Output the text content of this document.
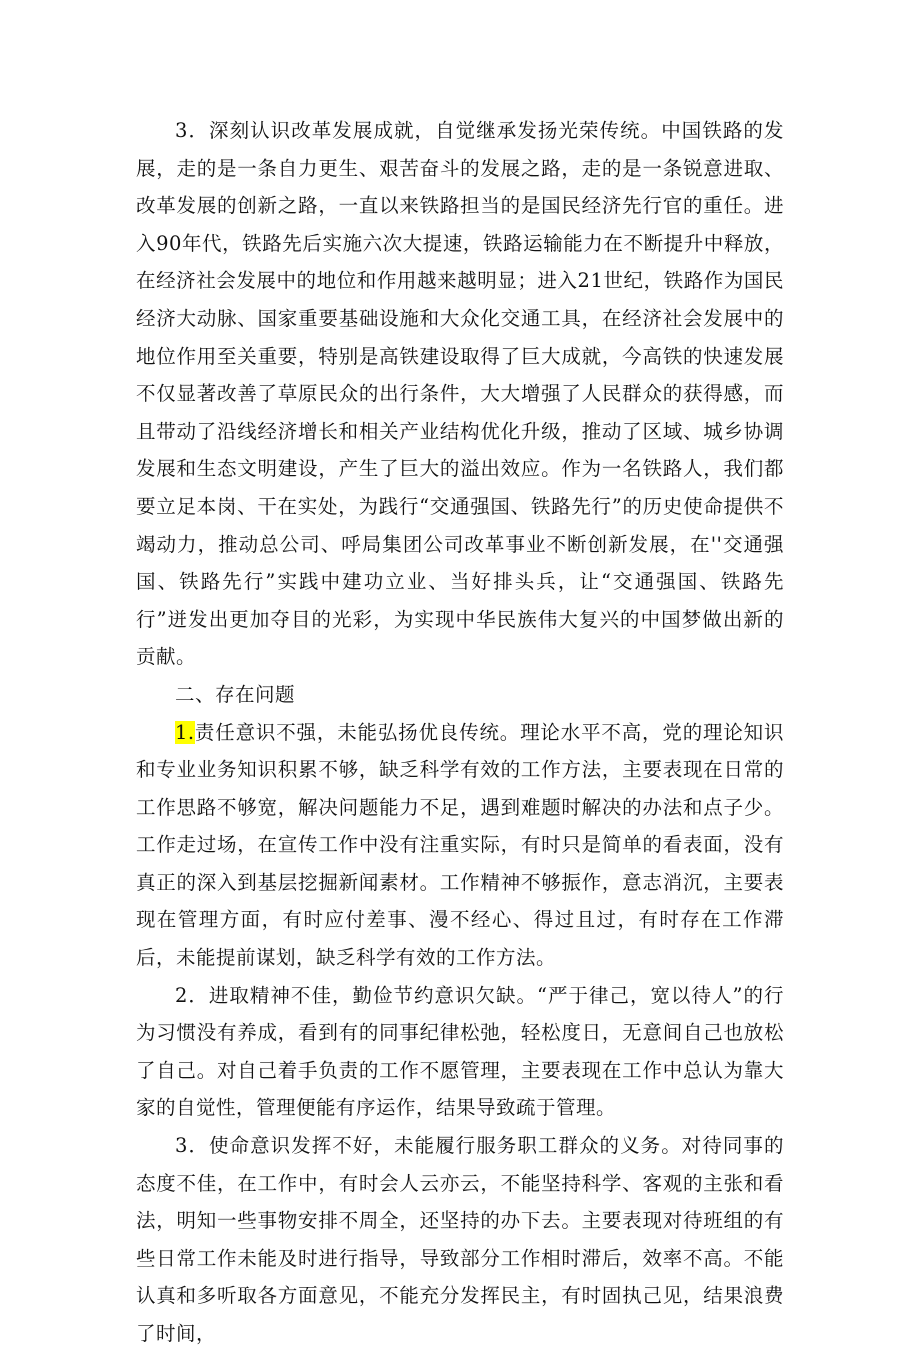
3．深刻认识改革发展成就，自觉继承发扬光荣传统。中国铁路的发展，走的是一条自力更生、艰苦奋斗的发展之路，走的是一条锐意进取、改革发展的创新之路，一直以来铁路担当的是国民经济先行官的重任。进入90年代，铁路先后实施六次大提速，铁路运输能力在不断提升中释放，在经济社会发展中的地位和作用越来越明显；进入21世纪，铁路作为国民经济大动脉、国家重要基础设施和大众化交通工具，在经济社会发展中的地位作用至关重要，特别是高铁建设取得了巨大成就，今高铁的快速发展不仅显著改善了草原民众的出行条件，大大增强了人民群众的获得感，而且带动了沿线经济增长和相关产业结构优化升级，推动了区域、城乡协调发展和生态文明建设，产生了巨大的溢出效应。作为一名铁路人，我们都要立足本岗、干在实处，为践行“交通强国、铁路先行”的历史使命提供不竭动力，推动总公司、呼局集团公司改革事业不断创新发展，在''交通强国、铁路先行”实践中建功立业、当好排头兵，让“交通强国、铁路先行”迸发出更加夺目的光彩，为实现中华民族伟大复兴的中国梦做出新的贡献。

二、存在问题

1.责任意识不强，未能弘扬优良传统。理论水平不高，党的理论知识和专业业务知识积累不够，缺乏科学有效的工作方法，主要表现在日常的工作思路不够宽，解决问题能力不足，遇到难题时解决的办法和点子少。工作走过场，在宣传工作中没有注重实际，有时只是简单的看表面，没有真正的深入到基层挖掘新闻素材。工作精神不够振作，意志消沉，主要表现在管理方面，有时应付差事、漫不经心、得过且过，有时存在工作滞后，未能提前谋划，缺乏科学有效的工作方法。

2．进取精神不佳，勤俭节约意识欠缺。“严于律己，宽以待人”的行为习惯没有养成，看到有的同事纪律松弛，轻松度日，无意间自己也放松了自己。对自己着手负责的工作不愿管理，主要表现在工作中总认为靠大家的自觉性，管理便能有序运作，结果导致疏于管理。

3．使命意识发挥不好，未能履行服务职工群众的义务。对待同事的态度不佳，在工作中，有时会人云亦云，不能坚持科学、客观的主张和看法，明知一些事物安排不周全，还坚持的办下去。主要表现对待班组的有些日常工作未能及时进行指导，导致部分工作相时滞后，效率不高。不能认真和多听取各方面意见，不能充分发挥民主，有时固执己见，结果浪费了时间，
